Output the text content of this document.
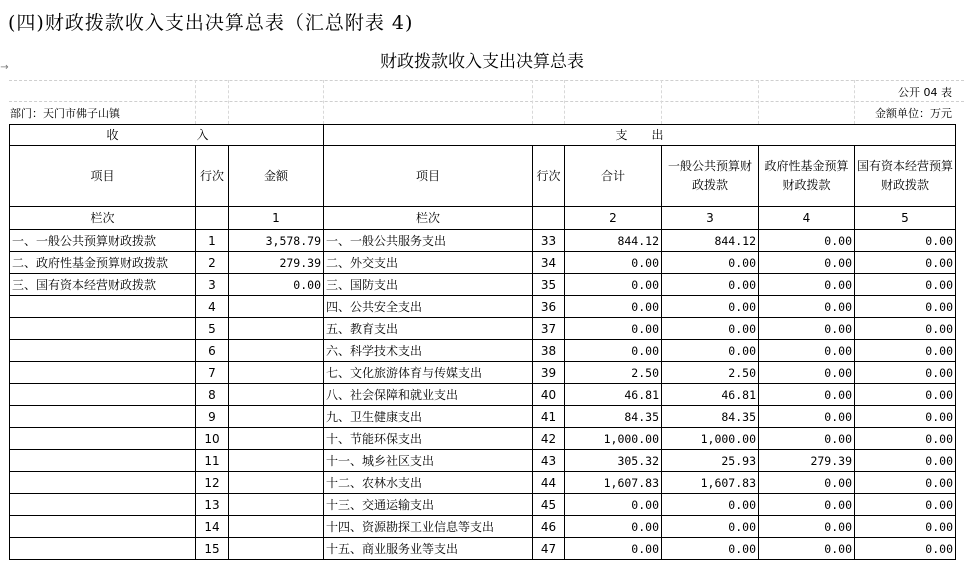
(四)财政拨款收入支出决算总表（汇总附表 4)
→	财政拨款收入支出决算总表
公开 04 表
部门：天门市佛子山镇	金额单位：万元
收　　入			支　　出					
项目	行次	金额	项目	行次	合计	一般公共预算财政拨款	政府性基金预算财政拨款	国有资本经营预算财政拨款
栏次		1	栏次		2	3	4	5
一、一般公共预算财政拨款	1	3,578.79	一、一般公共服务支出	33	844.12	844.12	0.00	0.00
二、政府性基金预算财政拨款	2	279.39	二、外交支出	34	0.00	0.00	0.00	0.00
三、国有资本经营财政拨款	3	0.00	三、国防支出	35	0.00	0.00	0.00	0.00
	4		四、公共安全支出	36	0.00	0.00	0.00	0.00
	5		五、教育支出	37	0.00	0.00	0.00	0.00
	6		六、科学技术支出	38	0.00	0.00	0.00	0.00
	7		七、文化旅游体育与传媒支出	39	2.50	2.50	0.00	0.00
	8		八、社会保障和就业支出	40	46.81	46.81	0.00	0.00
	9		九、卫生健康支出	41	84.35	84.35	0.00	0.00
	10		十、节能环保支出	42	1,000.00	1,000.00	0.00	0.00
	11		十一、城乡社区支出	43	305.32	25.93	279.39	0.00
	12		十二、农林水支出	44	1,607.83	1,607.83	0.00	0.00
	13		十三、交通运输支出	45	0.00	0.00	0.00	0.00
	14		十四、资源勘探工业信息等支出	46	0.00	0.00	0.00	0.00
	15		十五、商业服务业等支出	47	0.00	0.00	0.00	0.00
